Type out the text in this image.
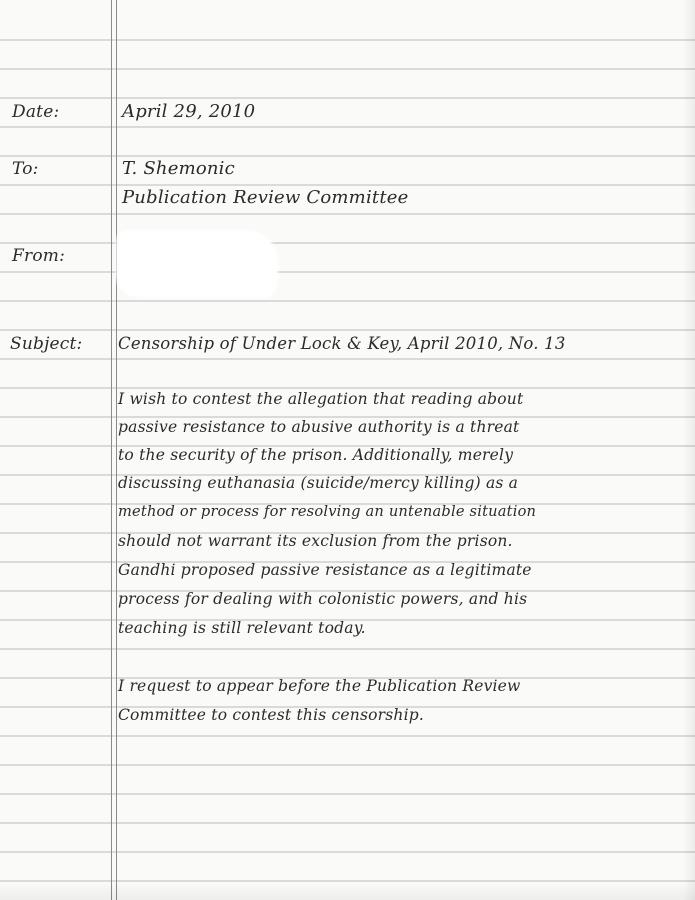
Date:

To:

From:

Subject:

April 29, 2010

T. Shemonic

Publication Review Committee

Censorship of Under Lock & Key, April 2010, No. 13

I wish to contest the allegation that reading about

passive resistance to abusive authority is a threat

to the security of the prison. Additionally, merely

discussing euthanasia (suicide/mercy killing) as a

method or process for resolving an untenable situation

should not warrant its exclusion from the prison.

Gandhi proposed passive resistance as a legitimate

process for dealing with colonistic powers, and his

teaching is still relevant today.

I request to appear before the Publication Review

Committee to contest this censorship.
